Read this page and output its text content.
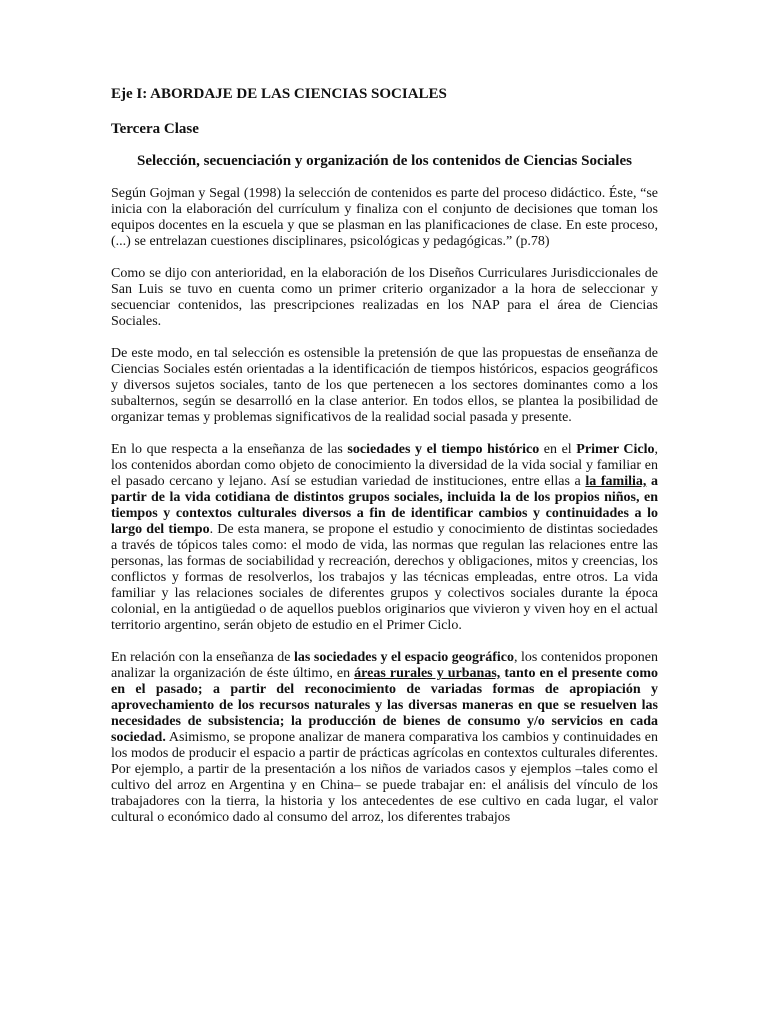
Eje I: ABORDAJE DE LAS CIENCIAS SOCIALES
Tercera Clase
Selección, secuenciación y organización de los contenidos de Ciencias Sociales

Según Gojman y Segal (1998) la selección de contenidos es parte del proceso didáctico. Éste, “se inicia con la elaboración del currículum y finaliza con el conjunto de decisiones que toman los equipos docentes en la escuela y que se plasman en las planificaciones de clase. En este proceso, (...) se entrelazan cuestiones disciplinares, psicológicas y pedagógicas.” (p.78)

Como se dijo con anterioridad, en la elaboración de los Diseños Curriculares Jurisdiccionales de San Luis se tuvo en cuenta como un primer criterio organizador a la hora de seleccionar y secuenciar contenidos, las prescripciones realizadas en los NAP para el área de Ciencias Sociales.

De este modo, en tal selección es ostensible la pretensión de que las propuestas de enseñanza de Ciencias Sociales estén orientadas a la identificación de tiempos históricos, espacios geográficos y diversos sujetos sociales, tanto de los que pertenecen a los sectores dominantes como a los subalternos, según se desarrolló en la clase anterior. En todos ellos, se plantea la posibilidad de organizar temas y problemas significativos de la realidad social pasada y presente.

En lo que respecta a la enseñanza de las sociedades y el tiempo histórico en el Primer Ciclo, los contenidos abordan como objeto de conocimiento la diversidad de la vida social y familiar en el pasado cercano y lejano. Así se estudian variedad de instituciones, entre ellas a la familia, a partir de la vida cotidiana de distintos grupos sociales, incluida la de los propios niños, en tiempos y contextos culturales diversos a fin de identificar cambios y continuidades a lo largo del tiempo. De esta manera, se propone el estudio y conocimiento de distintas sociedades a través de tópicos tales como: el modo de vida, las normas que regulan las relaciones entre las personas, las formas de sociabilidad y recreación, derechos y obligaciones, mitos y creencias, los conflictos y formas de resolverlos, los trabajos y las técnicas empleadas, entre otros. La vida familiar y las relaciones sociales de diferentes grupos y colectivos sociales durante la época colonial, en la antigüedad o de aquellos pueblos originarios que vivieron y viven hoy en el actual territorio argentino, serán objeto de estudio en el Primer Ciclo.

En relación con la enseñanza de las sociedades y el espacio geográfico, los contenidos proponen analizar la organización de éste último, en áreas rurales y urbanas, tanto en el presente como en el pasado; a partir del reconocimiento de variadas formas de apropiación y aprovechamiento de los recursos naturales y las diversas maneras en que se resuelven las necesidades de subsistencia; la producción de bienes de consumo y/o servicios en cada sociedad. Asimismo, se propone analizar de manera comparativa los cambios y continuidades en los modos de producir el espacio a partir de prácticas agrícolas en contextos culturales diferentes. Por ejemplo, a partir de la presentación a los niños de variados casos y ejemplos –tales como el cultivo del arroz en Argentina y en China– se puede trabajar en: el análisis del vínculo de los trabajadores con la tierra, la historia y los antecedentes de ese cultivo en cada lugar, el valor cultural o económico dado al consumo del arroz, los diferentes trabajos
